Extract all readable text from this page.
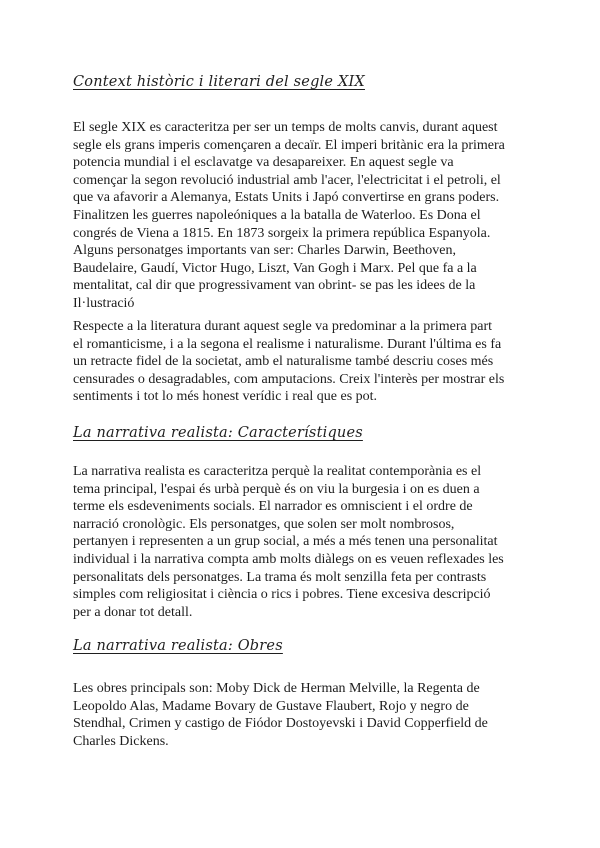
Context històric i literari del segle XIX

El segle XIX es caracteritza per ser un temps de molts canvis, durant aquest
segle els grans imperis començaren a decaïr. El imperi britànic era la primera
potencia mundial i el esclavatge va desapareixer. En aquest segle va
començar la segon revolució industrial amb l'acer, l'electricitat i el petroli, el
que va afavorir a Alemanya, Estats Units i Japó convertirse en grans poders.
Finalitzen les guerres napoleóniques a la batalla de Waterloo. Es Dona el
congrés de Viena a 1815. En 1873 sorgeix la primera república Espanyola.
Alguns personatges importants van ser: Charles Darwin, Beethoven,
Baudelaire, Gaudí, Victor Hugo, Liszt, Van Gogh i Marx. Pel que fa a la
mentalitat, cal dir que progressivament van obrint- se pas les idees de la
Il·lustració

Respecte a la literatura durant aquest segle va predominar a la primera part
el romanticisme, i a la segona el realisme i naturalisme. Durant l'última es fa
un retracte fidel de la societat, amb el naturalisme també descriu coses més
censurades o desagradables, com amputacions. Creix l'interès per mostrar els
sentiments i tot lo més honest verídic i real que es pot.

La narrativa realista: Característiques

La narrativa realista es caracteritza perquè la realitat contemporània es el
tema principal, l'espai és urbà perquè és on viu la burgesia i on es duen a
terme els esdeveniments socials. El narrador es omniscient i el ordre de
narració cronològic. Els personatges, que solen ser molt nombrosos,
pertanyen i representen a un grup social, a més a més tenen una personalitat
individual i la narrativa compta amb molts diàlegs on es veuen reflexades les
personalitats dels personatges. La trama és molt senzilla feta per contrasts
simples com religiositat i ciència o rics i pobres. Tiene excesiva descripció
per a donar tot detall.

La narrativa realista: Obres

Les obres principals son: Moby Dick de Herman Melville, la Regenta de
Leopoldo Alas, Madame Bovary de Gustave Flaubert, Rojo y negro de
Stendhal, Crimen y castigo de Fiódor Dostoyevski i David Copperfield de
Charles Dickens.
